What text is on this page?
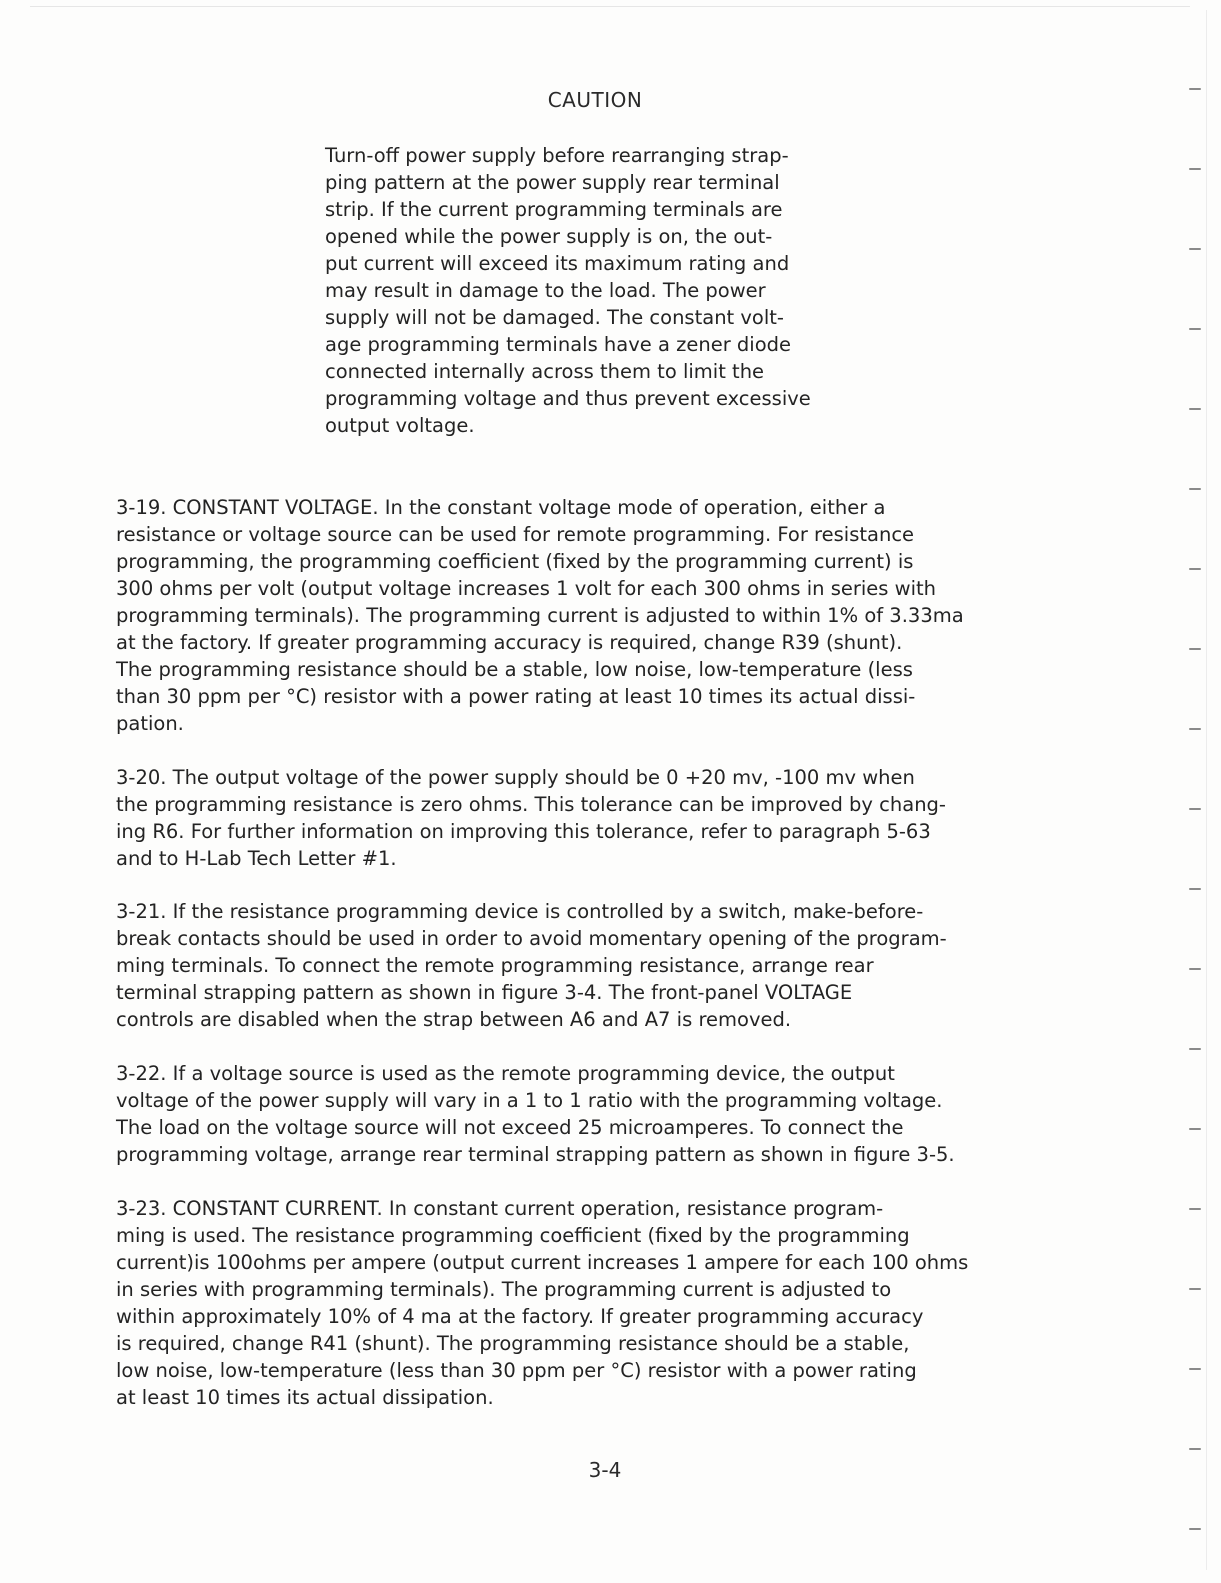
CAUTION
Turn-off power supply before rearranging strap-
ping pattern at the power supply rear terminal
strip. If the current programming terminals are
opened while the power supply is on, the out-
put current will exceed its maximum rating and
may result in damage to the load. The power
supply will not be damaged. The constant volt-
age programming terminals have a zener diode
connected internally across them to limit the
programming voltage and thus prevent excessive
output voltage.
3-19. CONSTANT VOLTAGE. In the constant voltage mode of operation, either a
resistance or voltage source can be used for remote programming. For resistance
programming, the programming coefficient (fixed by the programming current) is
300 ohms per volt (output voltage increases 1 volt for each 300 ohms in series with
programming terminals). The programming current is adjusted to within 1% of 3.33ma
at the factory. If greater programming accuracy is required, change R39 (shunt).
The programming resistance should be a stable, low noise, low-temperature (less
than 30 ppm per °C) resistor with a power rating at least 10 times its actual dissi-
pation.
3-20. The output voltage of the power supply should be 0 +20 mv, -100 mv when
the programming resistance is zero ohms. This tolerance can be improved by chang-
ing R6. For further information on improving this tolerance, refer to paragraph 5-63
and to H-Lab Tech Letter #1.
3-21. If the resistance programming device is controlled by a switch, make-before-
break contacts should be used in order to avoid momentary opening of the program-
ming terminals. To connect the remote programming resistance, arrange rear
terminal strapping pattern as shown in figure 3-4. The front-panel VOLTAGE
controls are disabled when the strap between A6 and A7 is removed.
3-22. If a voltage source is used as the remote programming device, the output
voltage of the power supply will vary in a 1 to 1 ratio with the programming voltage.
The load on the voltage source will not exceed 25 microamperes. To connect the
programming voltage, arrange rear terminal strapping pattern as shown in figure 3-5.
3-23. CONSTANT CURRENT. In constant current operation, resistance program-
ming is used. The resistance programming coefficient (fixed by the programming
current)is 100ohms per ampere (output current increases 1 ampere for each 100 ohms
in series with programming terminals). The programming current is adjusted to
within approximately 10% of 4 ma at the factory. If greater programming accuracy
is required, change R41 (shunt). The programming resistance should be a stable,
low noise, low-temperature (less than 30 ppm per °C) resistor with a power rating
at least 10 times its actual dissipation.
3-4
